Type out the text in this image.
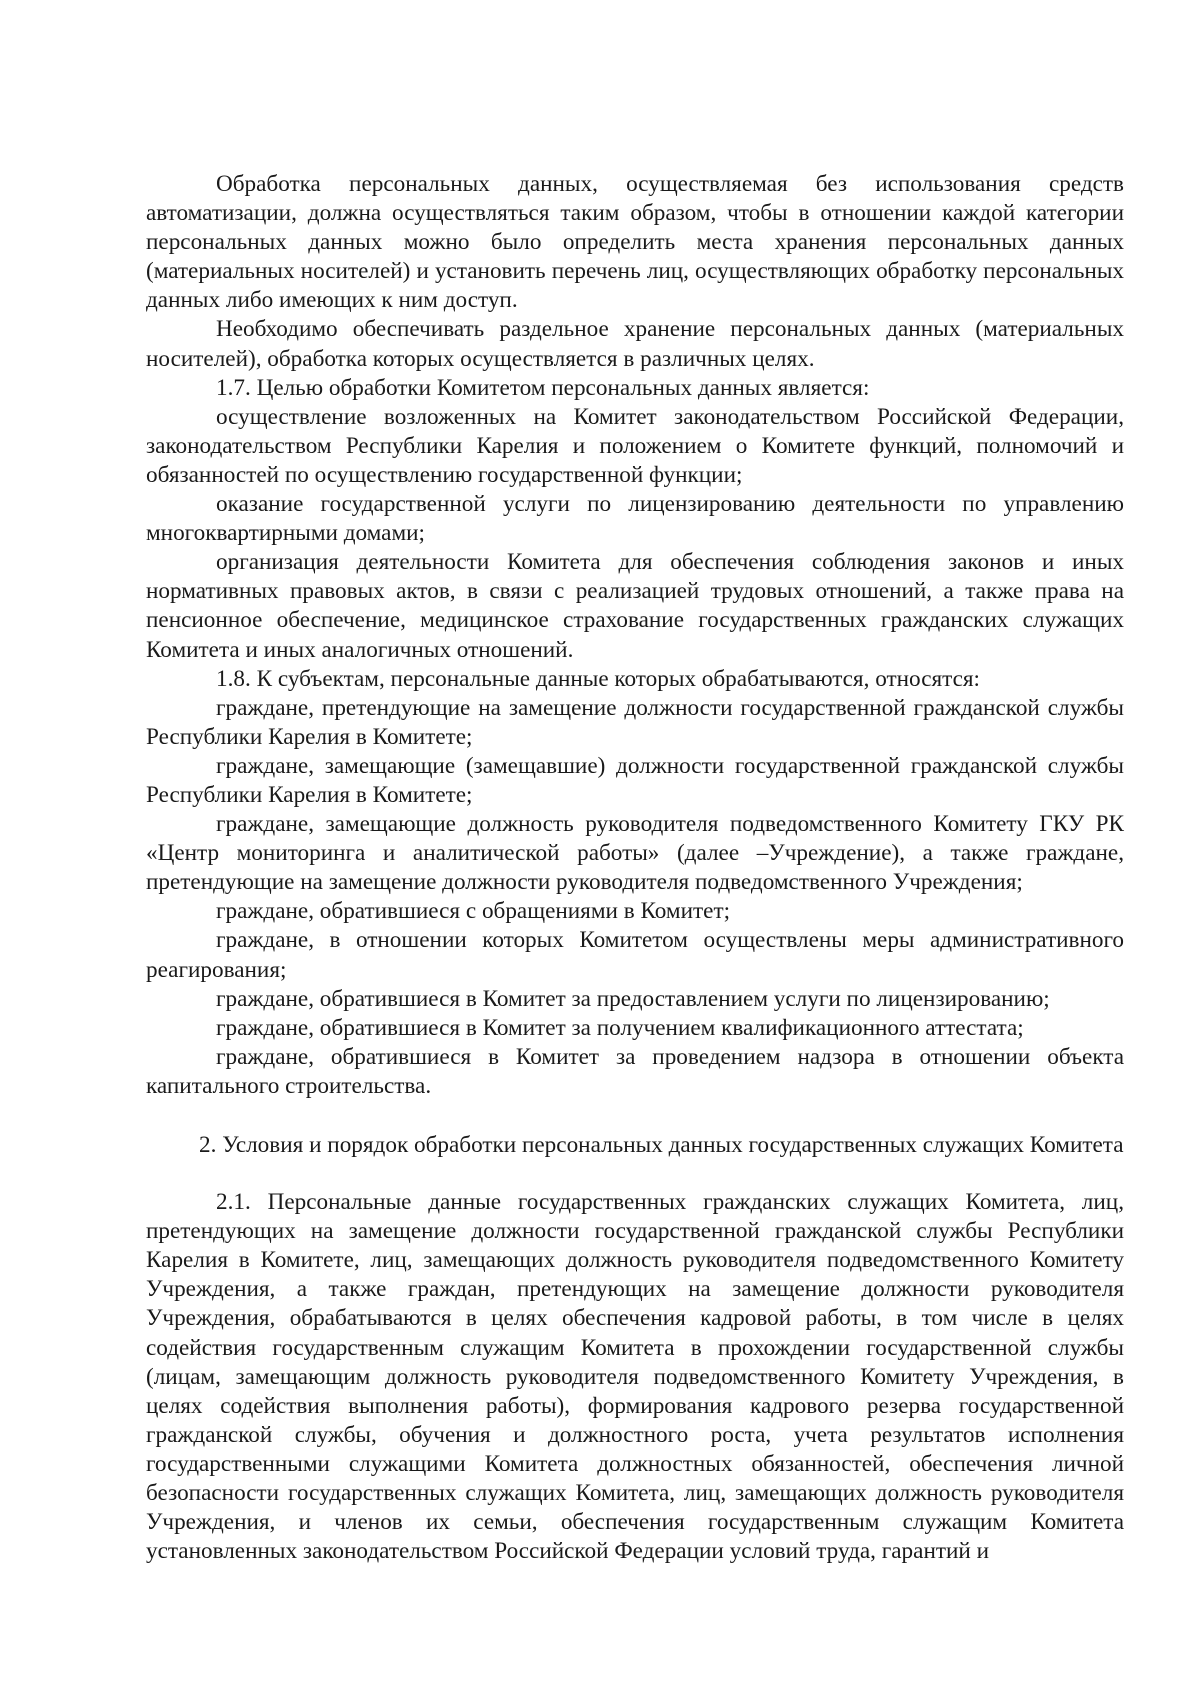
Обработка персональных данных, осуществляемая без использования средств автоматизации, должна осуществляться таким образом, чтобы в отношении каждой категории персональных данных можно было определить места хранения персональных данных (материальных носителей) и установить перечень лиц, осуществляющих обработку персональных данных либо имеющих к ним доступ.

Необходимо обеспечивать раздельное хранение персональных данных (материальных носителей), обработка которых осуществляется в различных целях.

1.7. Целью обработки Комитетом персональных данных является:

осуществление возложенных на Комитет законодательством Российской Федерации, законодательством Республики Карелия и положением о Комитете функций, полномочий и обязанностей по осуществлению государственной функции;

оказание государственной услуги по лицензированию деятельности по управлению многоквартирными домами;

организация деятельности Комитета для обеспечения соблюдения законов и иных нормативных правовых актов, в связи с реализацией трудовых отношений, а также права на пенсионное обеспечение, медицинское страхование государственных гражданских служащих Комитета и иных аналогичных отношений.

1.8. К субъектам, персональные данные которых обрабатываются, относятся:

граждане, претендующие на замещение должности государственной гражданской службы Республики Карелия в Комитете;

граждане, замещающие (замещавшие) должности государственной гражданской службы Республики Карелия в Комитете;

граждане, замещающие должность руководителя подведомственного Комитету ГКУ РК «Центр мониторинга и аналитической работы» (далее –Учреждение), а также граждане, претендующие на замещение должности руководителя подведомственного Учреждения;

граждане, обратившиеся с обращениями в Комитет;

граждане, в отношении которых Комитетом осуществлены меры административного реагирования;

граждане, обратившиеся в Комитет за предоставлением услуги по лицензированию;

граждане, обратившиеся в Комитет за получением квалификационного аттестата;

граждане, обратившиеся в Комитет за проведением надзора в отношении объекта капитального строительства.

2. Условия и порядок обработки персональных данных государственных служащих Комитета

2.1. Персональные данные государственных гражданских служащих Комитета, лиц, претендующих на замещение должности государственной гражданской службы Республики Карелия в Комитете, лиц, замещающих должность руководителя подведомственного Комитету Учреждения, а также граждан, претендующих на замещение должности руководителя Учреждения, обрабатываются в целях обеспечения кадровой работы, в том числе в целях содействия государственным служащим Комитета в прохождении государственной службы (лицам, замещающим должность руководителя подведомственного Комитету Учреждения, в целях содействия выполнения работы), формирования кадрового резерва государственной гражданской службы, обучения и должностного роста, учета результатов исполнения государственными служащими Комитета должностных обязанностей, обеспечения личной безопасности государственных служащих Комитета, лиц, замещающих должность руководителя Учреждения, и членов их семьи, обеспечения государственным служащим Комитета установленных законодательством Российской Федерации условий труда, гарантий и
